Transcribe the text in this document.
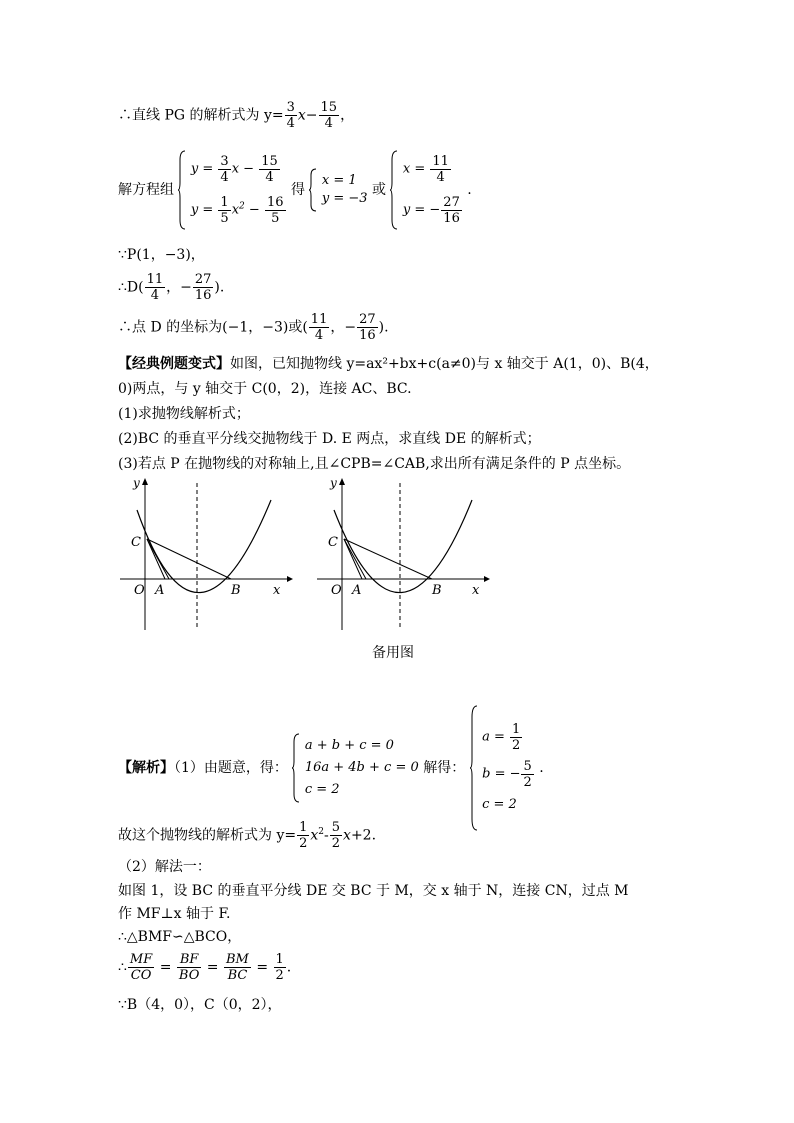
∴直线 PG 的解析式为 $y= \frac{3}{4} x- \frac{15}{4}$ ，
解方程组
$y = \frac{3}{4}$ $x - \frac{15}{4}$
$y = \frac{1}{5} x^2 - \frac{16}{5}$
得
x = 1
y = −3
或
$x = \frac{11}{4}$
y = − $\frac{27}{16}$
.
∵P(1，−3)，
∴D( $\frac{11}{4}$ ，− $\frac{27}{16}$ ).
∴点 D 的坐标为(−1，−3)或( $\frac{11}{4}$ ，− $\frac{27}{16}$ ).
【经典例题变式】如图，已知抛物线 y=ax²+bx+c(a≠0)与 x 轴交于 A(1，0)、B(4，
0)两点，与 y 轴交于 C(0，2)，连接 AC、BC.
(1)求抛物线解析式；
(2)BC 的垂直平分线交抛物线于 D. E 两点，求直线 DE 的解析式；
(3)若点 P 在抛物线的对称轴上,且∠CPB=∠CAB,求出所有满足条件的 P 点坐标。
y
x
C
O A	B
y
x
C
O A	B
备用图
【解析】（1）由题意，得：
a + b + c = 0
16a + 4b + c = 0
c = 2
解得：
$a = \frac{1}{2}$
b = − $\frac{5}{2}$
c = 2
.
故这个抛物线的解析式为 $y= \frac{1}{2} x^2- \frac{5}{2} x+2$.
（2）解法一：
如图 1，设 BC 的垂直平分线 DE 交 BC 于 M，交 x 轴于 N，连接 CN，过点 M
作 MF⊥x 轴于 F.
∴△BMF∽△BCO，
∴ $\frac{MF}{CO} = \frac{BF}{BO} = \frac{BM}{BC} = \frac{1}{2}$ .
∵B（4，0），C（0，2），
